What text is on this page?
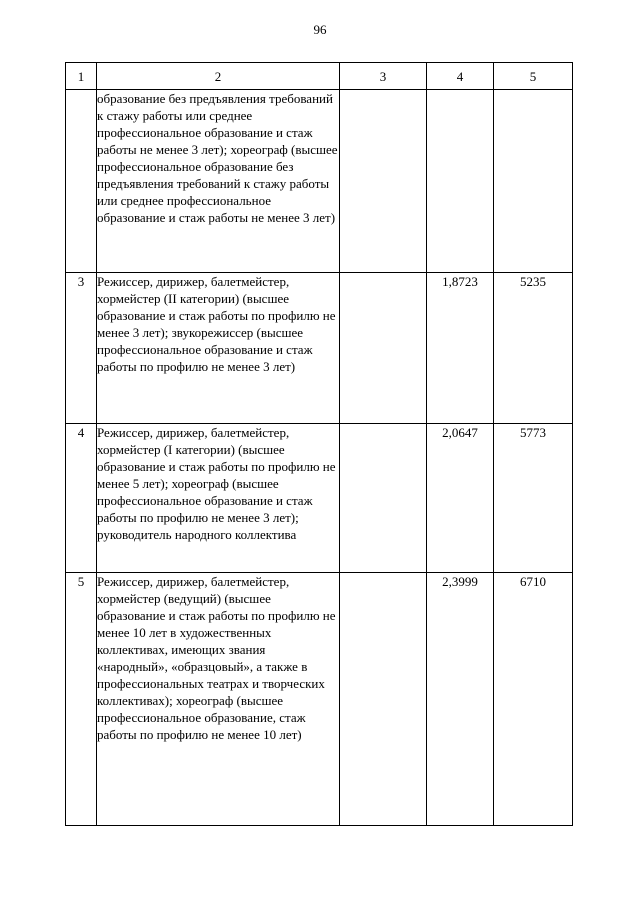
96
1	2	3	4	5
	образование без предъявления требований к стажу работы или среднее профессиональное образование и стаж работы не менее 3 лет); хореограф (высшее профессиональное образование без предъявления требований к стажу работы или среднее профессиональное образование и стаж работы не менее 3 лет)			
3	Режиссер, дирижер, балетмейстер, хормейстер (II категории) (высшее образование и стаж работы по профилю не менее 3 лет); звукорежиссер (высшее профессиональное образование и стаж работы по профилю не менее 3 лет)		1,8723	5235
4	Режиссер, дирижер, балетмейстер, хормейстер (I категории) (высшее образование и стаж работы по профилю не менее 5 лет); хореограф (высшее профессиональное образование и стаж работы по профилю не менее 3 лет); руководитель народного коллектива		2,0647	5773
5	Режиссер, дирижер, балетмейстер, хормейстер (ведущий) (высшее образование и стаж работы по профилю не менее 10 лет в художественных коллективах, имеющих звания «народный», «образцовый», а также в профессиональных театрах и творческих коллективах); хореограф (высшее профессиональное образование, стаж работы по профилю не менее 10 лет)		2,3999	6710
